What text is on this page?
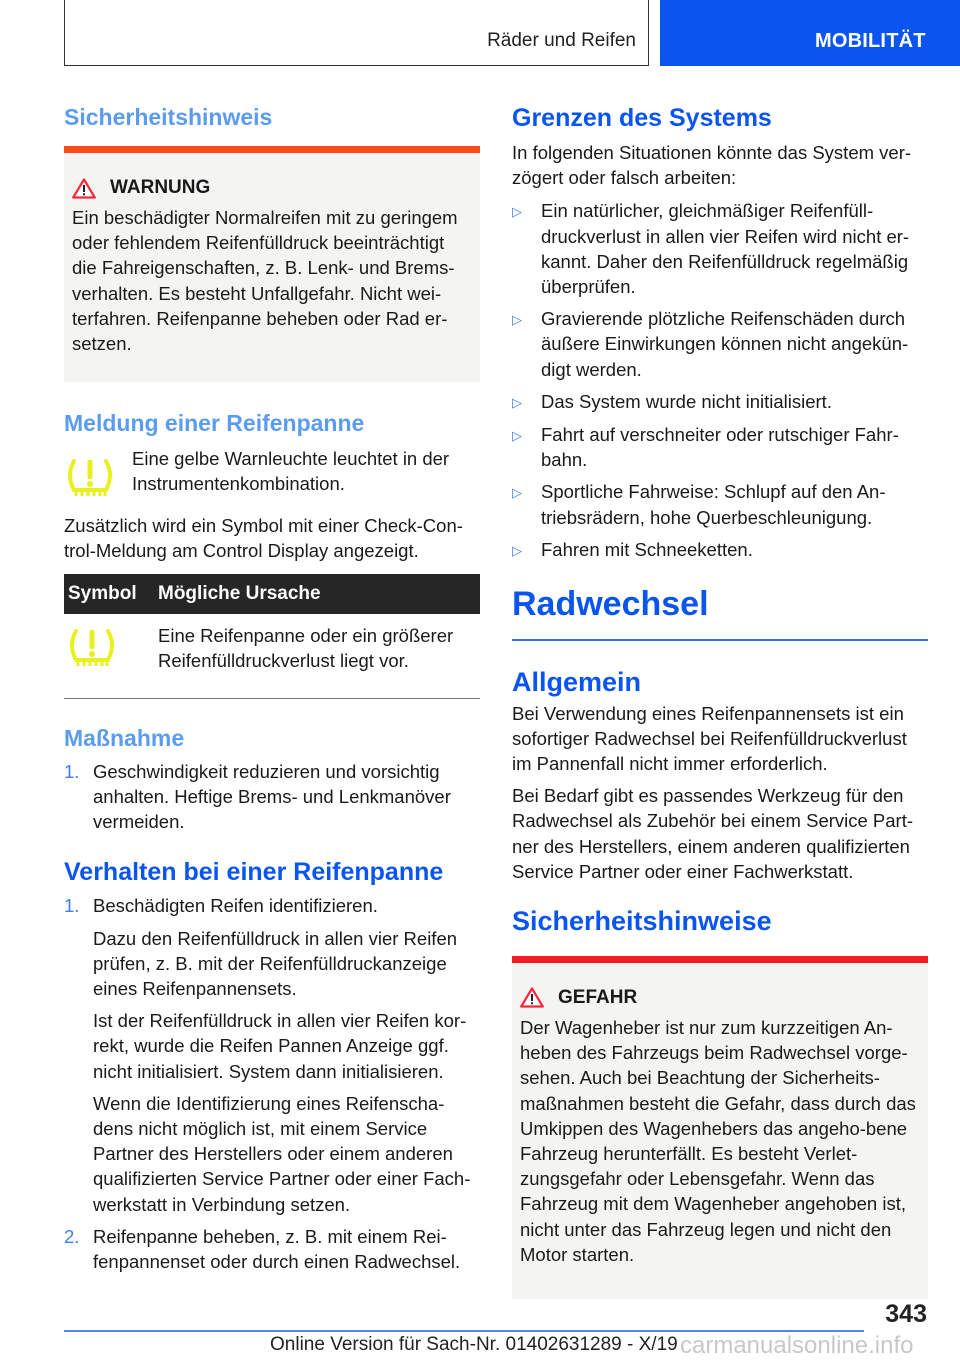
Räder und Reifen	MOBILITÄT
Sicherheitshinweis
WARNUNG

Ein beschädigter Normalreifen mit zu geringem oder fehlendem Reifenfülldruck beeinträchtigt die Fahreigenschaften, z. B. Lenk- und Brems-verhalten. Es besteht Unfallgefahr. Nicht wei-terfahren. Reifenpanne beheben oder Rad er-setzen.

Meldung einer Reifenpanne

Eine gelbe Warnleuchte leuchtet in der Instrumentenkombination.

Zusätzlich wird ein Symbol mit einer Check-Con-trol-Meldung am Control Display angezeigt.

Symbol	Mögliche Ursache
	Eine Reifenpanne oder ein größerer Reifenfülldruckverlust liegt vor.
Maßnahme
1. Geschwindigkeit reduzieren und vorsichtig anhalten. Heftige Brems- und Lenkmanöver vermeiden.
Verhalten bei einer Reifenpanne
1. Beschädigten Reifen identifizieren.

Dazu den Reifenfülldruck in allen vier Reifen prüfen, z. B. mit der Reifenfülldruckanzeige eines Reifenpannensets.

Ist der Reifenfülldruck in allen vier Reifen kor-rekt, wurde die Reifen Pannen Anzeige ggf. nicht initialisiert. System dann initialisieren.

Wenn die Identifizierung eines Reifenscha-dens nicht möglich ist, mit einem Service Partner des Herstellers oder einem anderen qualifizierten Service Partner oder einer Fach-werkstatt in Verbindung setzen.

2. Reifenpanne beheben, z. B. mit einem Rei-fenpannenset oder durch einen Radwechsel.

Grenzen des Systems

In folgenden Situationen könnte das System ver-zögert oder falsch arbeiten:

▷	Ein natürlicher, gleichmäßiger Reifenfüll-druckverlust in allen vier Reifen wird nicht er-kannt. Daher den Reifenfülldruck regelmäßig überprüfen.
▷	Gravierende plötzliche Reifenschäden durch äußere Einwirkungen können nicht angekün-digt werden.
▷	Das System wurde nicht initialisiert.
▷	Fahrt auf verschneiter oder rutschiger Fahr-bahn.
▷	Sportliche Fahrweise: Schlupf auf den An-triebsrädern, hohe Querbeschleunigung.
▷	Fahren mit Schneeketten.
Radwechsel
Allgemein

Bei Verwendung eines Reifenpannensets ist ein sofortiger Radwechsel bei Reifenfülldruckverlust im Pannenfall nicht immer erforderlich.

Bei Bedarf gibt es passendes Werkzeug für den Radwechsel als Zubehör bei einem Service Part-ner des Herstellers, einem anderen qualifizierten Service Partner oder einer Fachwerkstatt.

Sicherheitshinweise
GEFAHR

Der Wagenheber ist nur zum kurzzeitigen An-heben des Fahrzeugs beim Radwechsel vorge-sehen. Auch bei Beachtung der Sicherheits-maßnahmen besteht die Gefahr, dass durch das Umkippen des Wagenhebers das angeho-bene Fahrzeug herunterfällt. Es besteht Verlet-zungsgefahr oder Lebensgefahr. Wenn das Fahrzeug mit dem Wagenheber angehoben ist, nicht unter das Fahrzeug legen und nicht den Motor starten.

343
Online Version für Sach-Nr. 01402631289 - X/19 carmanualsonline.info
